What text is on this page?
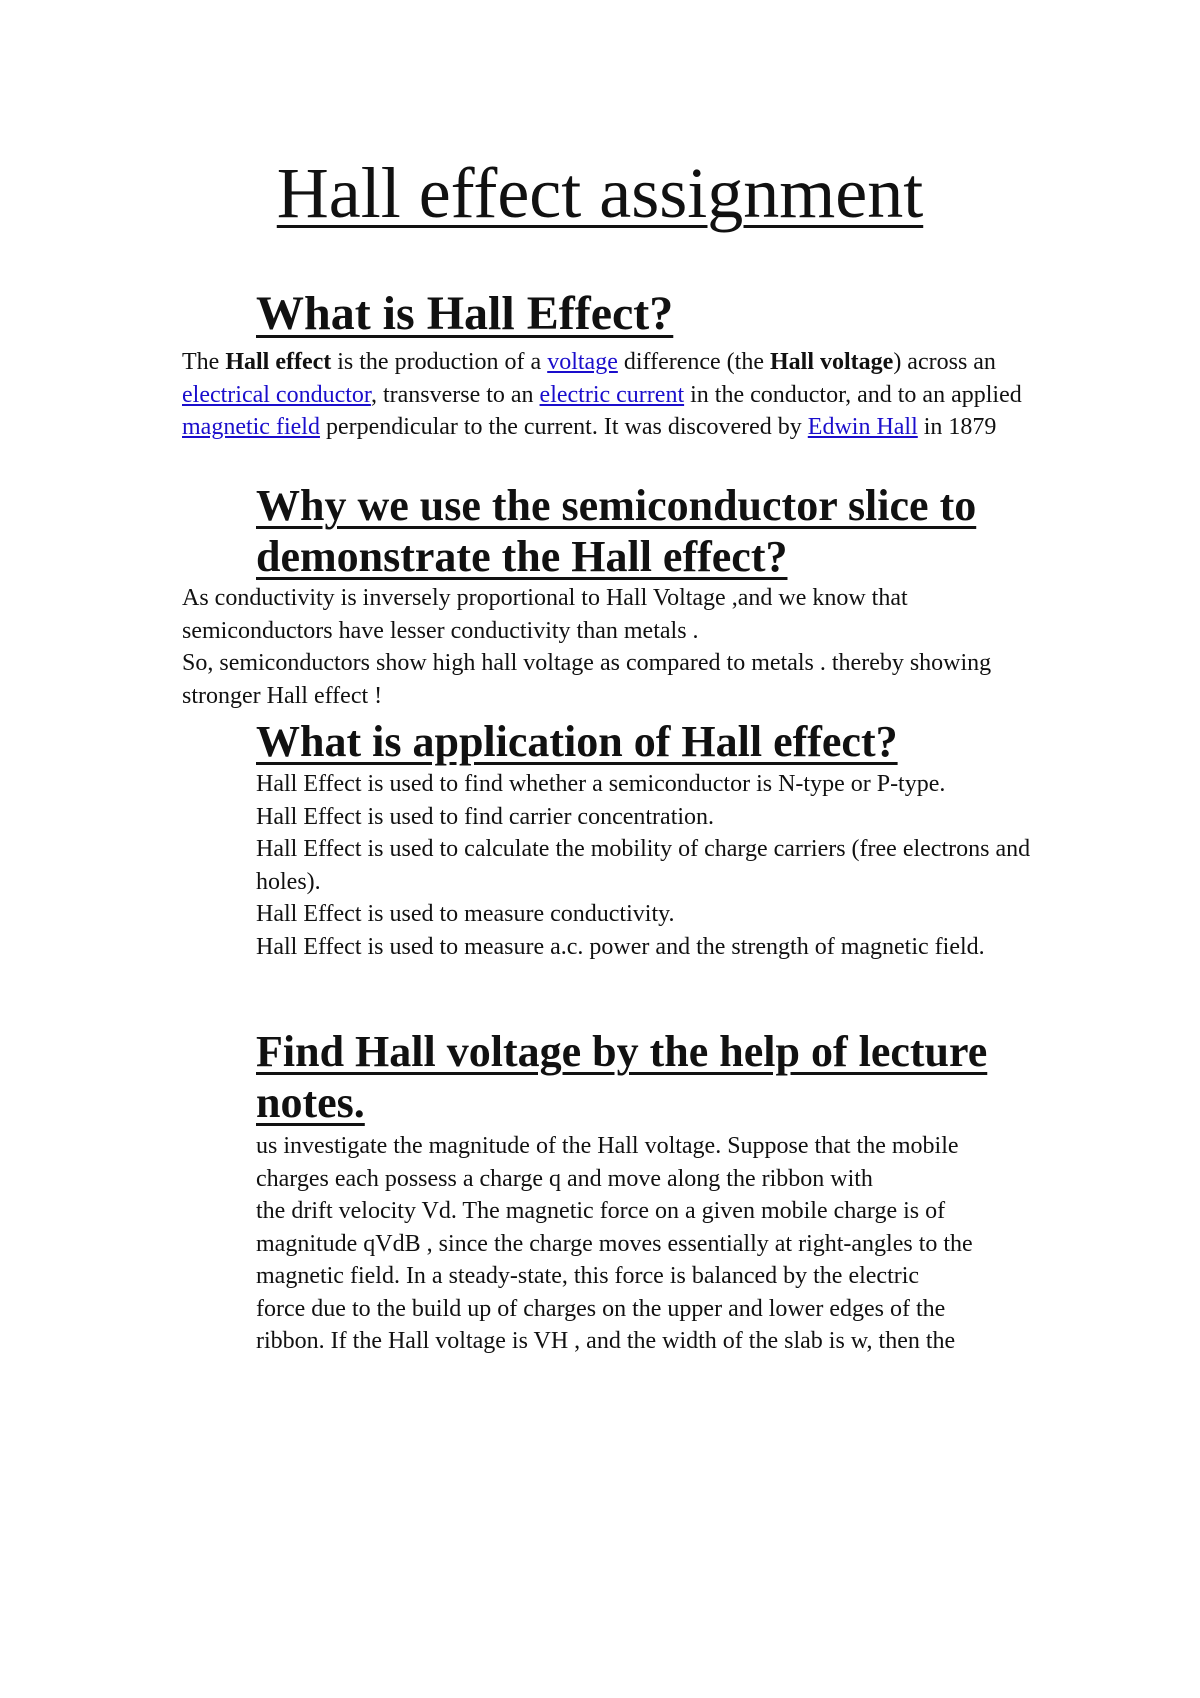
Hall effect assignment
What is Hall Effect?

The Hall effect is the production of a voltage difference (the Hall voltage) across an electrical conductor, transverse to an electric current in the conductor, and to an applied magnetic field perpendicular to the current. It was discovered by Edwin Hall in 1879

Why we use the semiconductor slice to demonstrate the Hall effect?
As conductivity is inversely proportional to Hall Voltage ,and we know that semiconductors have lesser conductivity than metals .
So, semiconductors show high hall voltage as compared to metals . thereby showing stronger Hall effect !
What is application of Hall effect?
Hall Effect is used to find whether a semiconductor is N-type or P-type.
Hall Effect is used to find carrier concentration.
Hall Effect is used to calculate the mobility of charge carriers (free electrons and holes).
Hall Effect is used to measure conductivity.
Hall Effect is used to measure a.c. power and the strength of magnetic field.
Find Hall voltage by the help of lecture notes.
us investigate the magnitude of the Hall voltage. Suppose that the mobile charges each possess a charge q and move along the ribbon with
the drift velocity Vd. The magnetic force on a given mobile charge is of
magnitude qVdB , since the charge moves essentially at right-angles to the
magnetic field. In a steady-state, this force is balanced by the electric
force due to the build up of charges on the upper and lower edges of the
ribbon. If the Hall voltage is VH , and the width of the slab is w, then the
